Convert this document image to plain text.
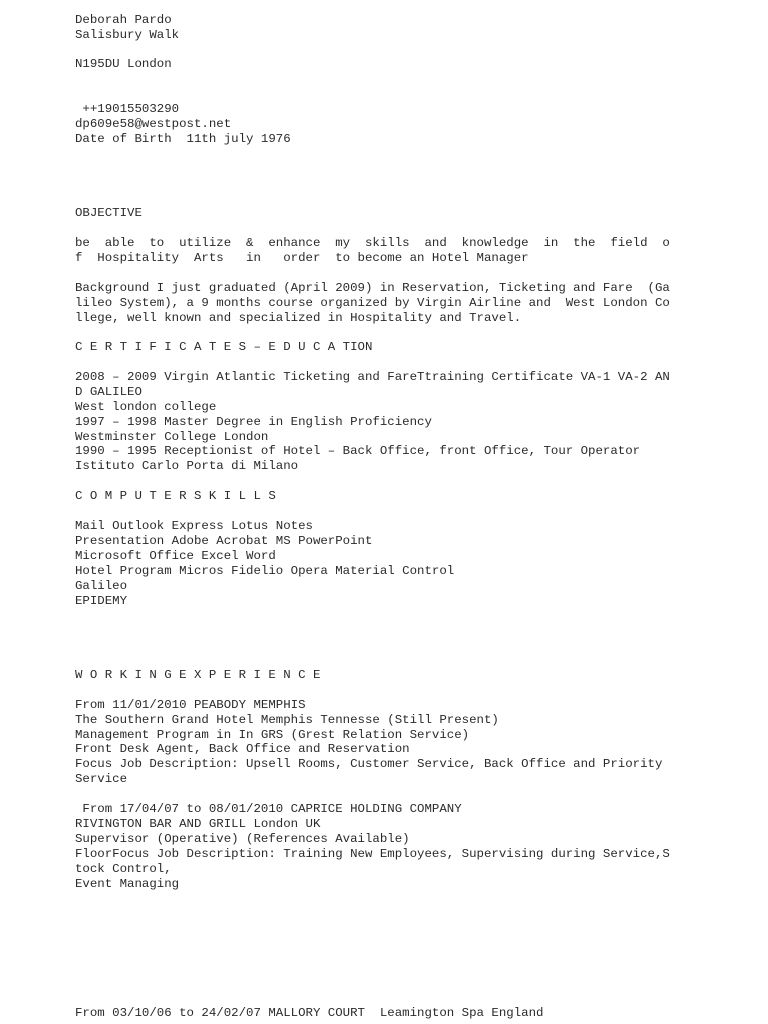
Deborah Pardo
Salisbury Walk
N195DU London
++19015503290
dp609e58@westpost.net
Date of Birth  11th july 1976
OBJECTIVE
be  able  to  utilize  &  enhance  my  skills  and  knowledge  in  the  field  o
f  Hospitality  Arts   in   order  to become an Hotel Manager
Background I just graduated (April 2009) in Reservation, Ticketing and Fare  (Ga
lileo System), a 9 months course organized by Virgin Airline and  West London Co
llege, well known and specialized in Hospitality and Travel.
C E R T I F I C A T E S – E D U C A TION
2008 – 2009 Virgin Atlantic Ticketing and FareTtraining Certificate VA-1 VA-2 AN
D GALILEO
West london college
1997 – 1998 Master Degree in English Proficiency
Westminster College London
1990 – 1995 Receptionist of Hotel – Back Office, front Office, Tour Operator
Istituto Carlo Porta di Milano
C O M P U T E R S K I L L S
Mail Outlook Express Lotus Notes
Presentation Adobe Acrobat MS PowerPoint
Microsoft Office Excel Word
Hotel Program Micros Fidelio Opera Material Control
Galileo
EPIDEMY
W O R K I N G E X P E R I E N C E
From 11/01/2010 PEABODY MEMPHIS
The Southern Grand Hotel Memphis Tennesse (Still Present)
Management Program in In GRS (Grest Relation Service)
Front Desk Agent, Back Office and Reservation
Focus Job Description: Upsell Rooms, Customer Service, Back Office and Priority
Service
From 17/04/07 to 08/01/2010 CAPRICE HOLDING COMPANY
RIVINGTON BAR AND GRILL London UK
Supervisor (Operative) (References Available)
FloorFocus Job Description: Training New Employees, Supervising during Service,S
tock Control,
Event Managing
From 03/10/06 to 24/02/07 MALLORY COURT  Leamington Spa England
